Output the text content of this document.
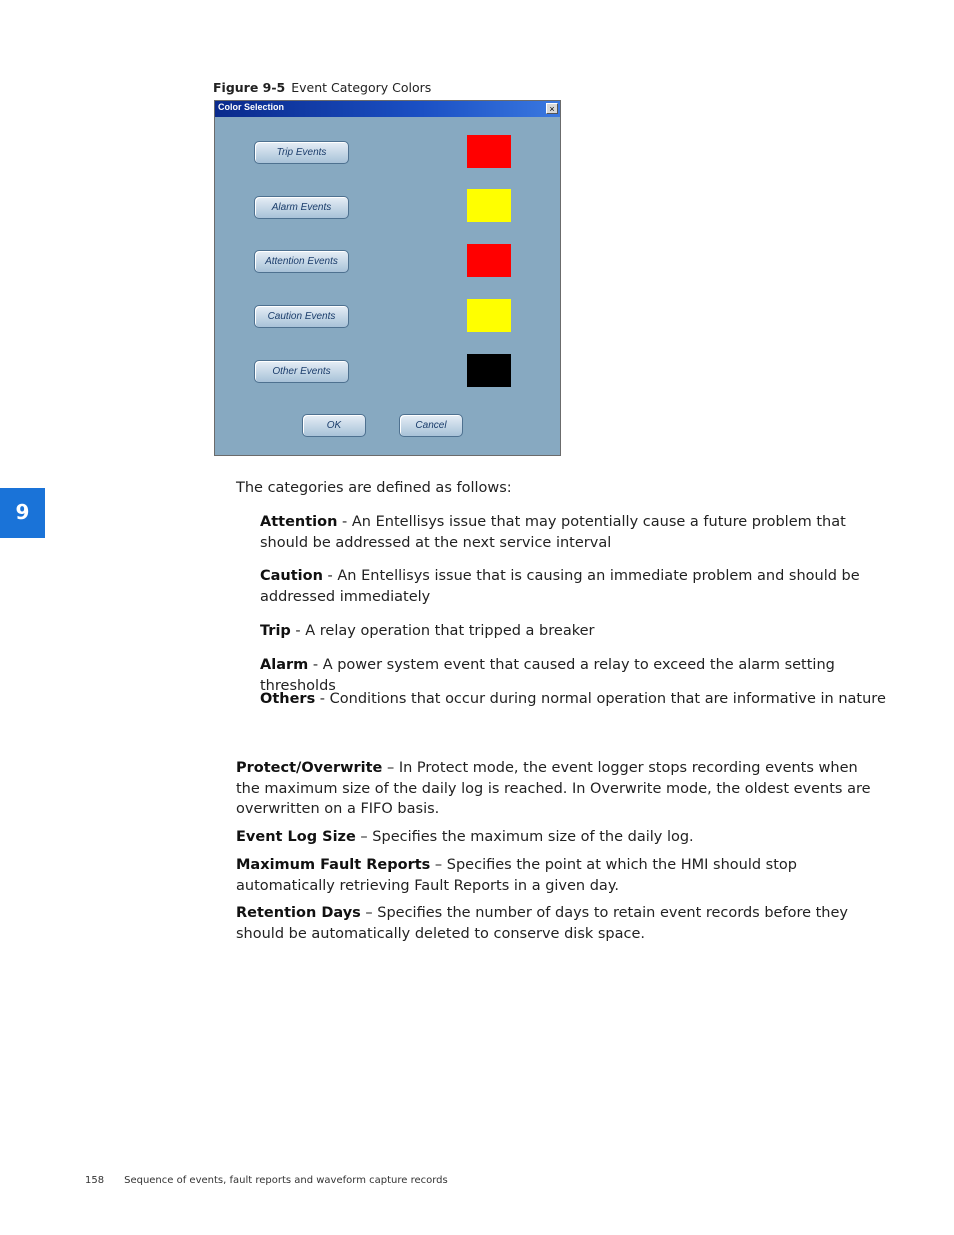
Figure 9-5 Event Category Colors
Color Selection	×
Trip Events
Alarm Events
Attention Events
Caution Events
Other Events
OK	Cancel
9
The categories are defined as follows:
Attention - An Entellisys issue that may potentially cause a future problem that should be addressed at the next service interval
Caution - An Entellisys issue that is causing an immediate problem and should be addressed immediately
Trip - A relay operation that tripped a breaker
Alarm - A power system event that caused a relay to exceed the alarm setting thresholds
Others - Conditions that occur during normal operation that are informative in nature
Protect/Overwrite – In Protect mode, the event logger stops recording events when the maximum size of the daily log is reached. In Overwrite mode, the oldest events are overwritten on a FIFO basis.
Event Log Size – Specifies the maximum size of the daily log.
Maximum Fault Reports – Specifies the point at which the HMI should stop automatically retrieving Fault Reports in a given day.
Retention Days – Specifies the number of days to retain event records before they should be automatically deleted to conserve disk space.
158 Sequence of events, fault reports and waveform capture records
